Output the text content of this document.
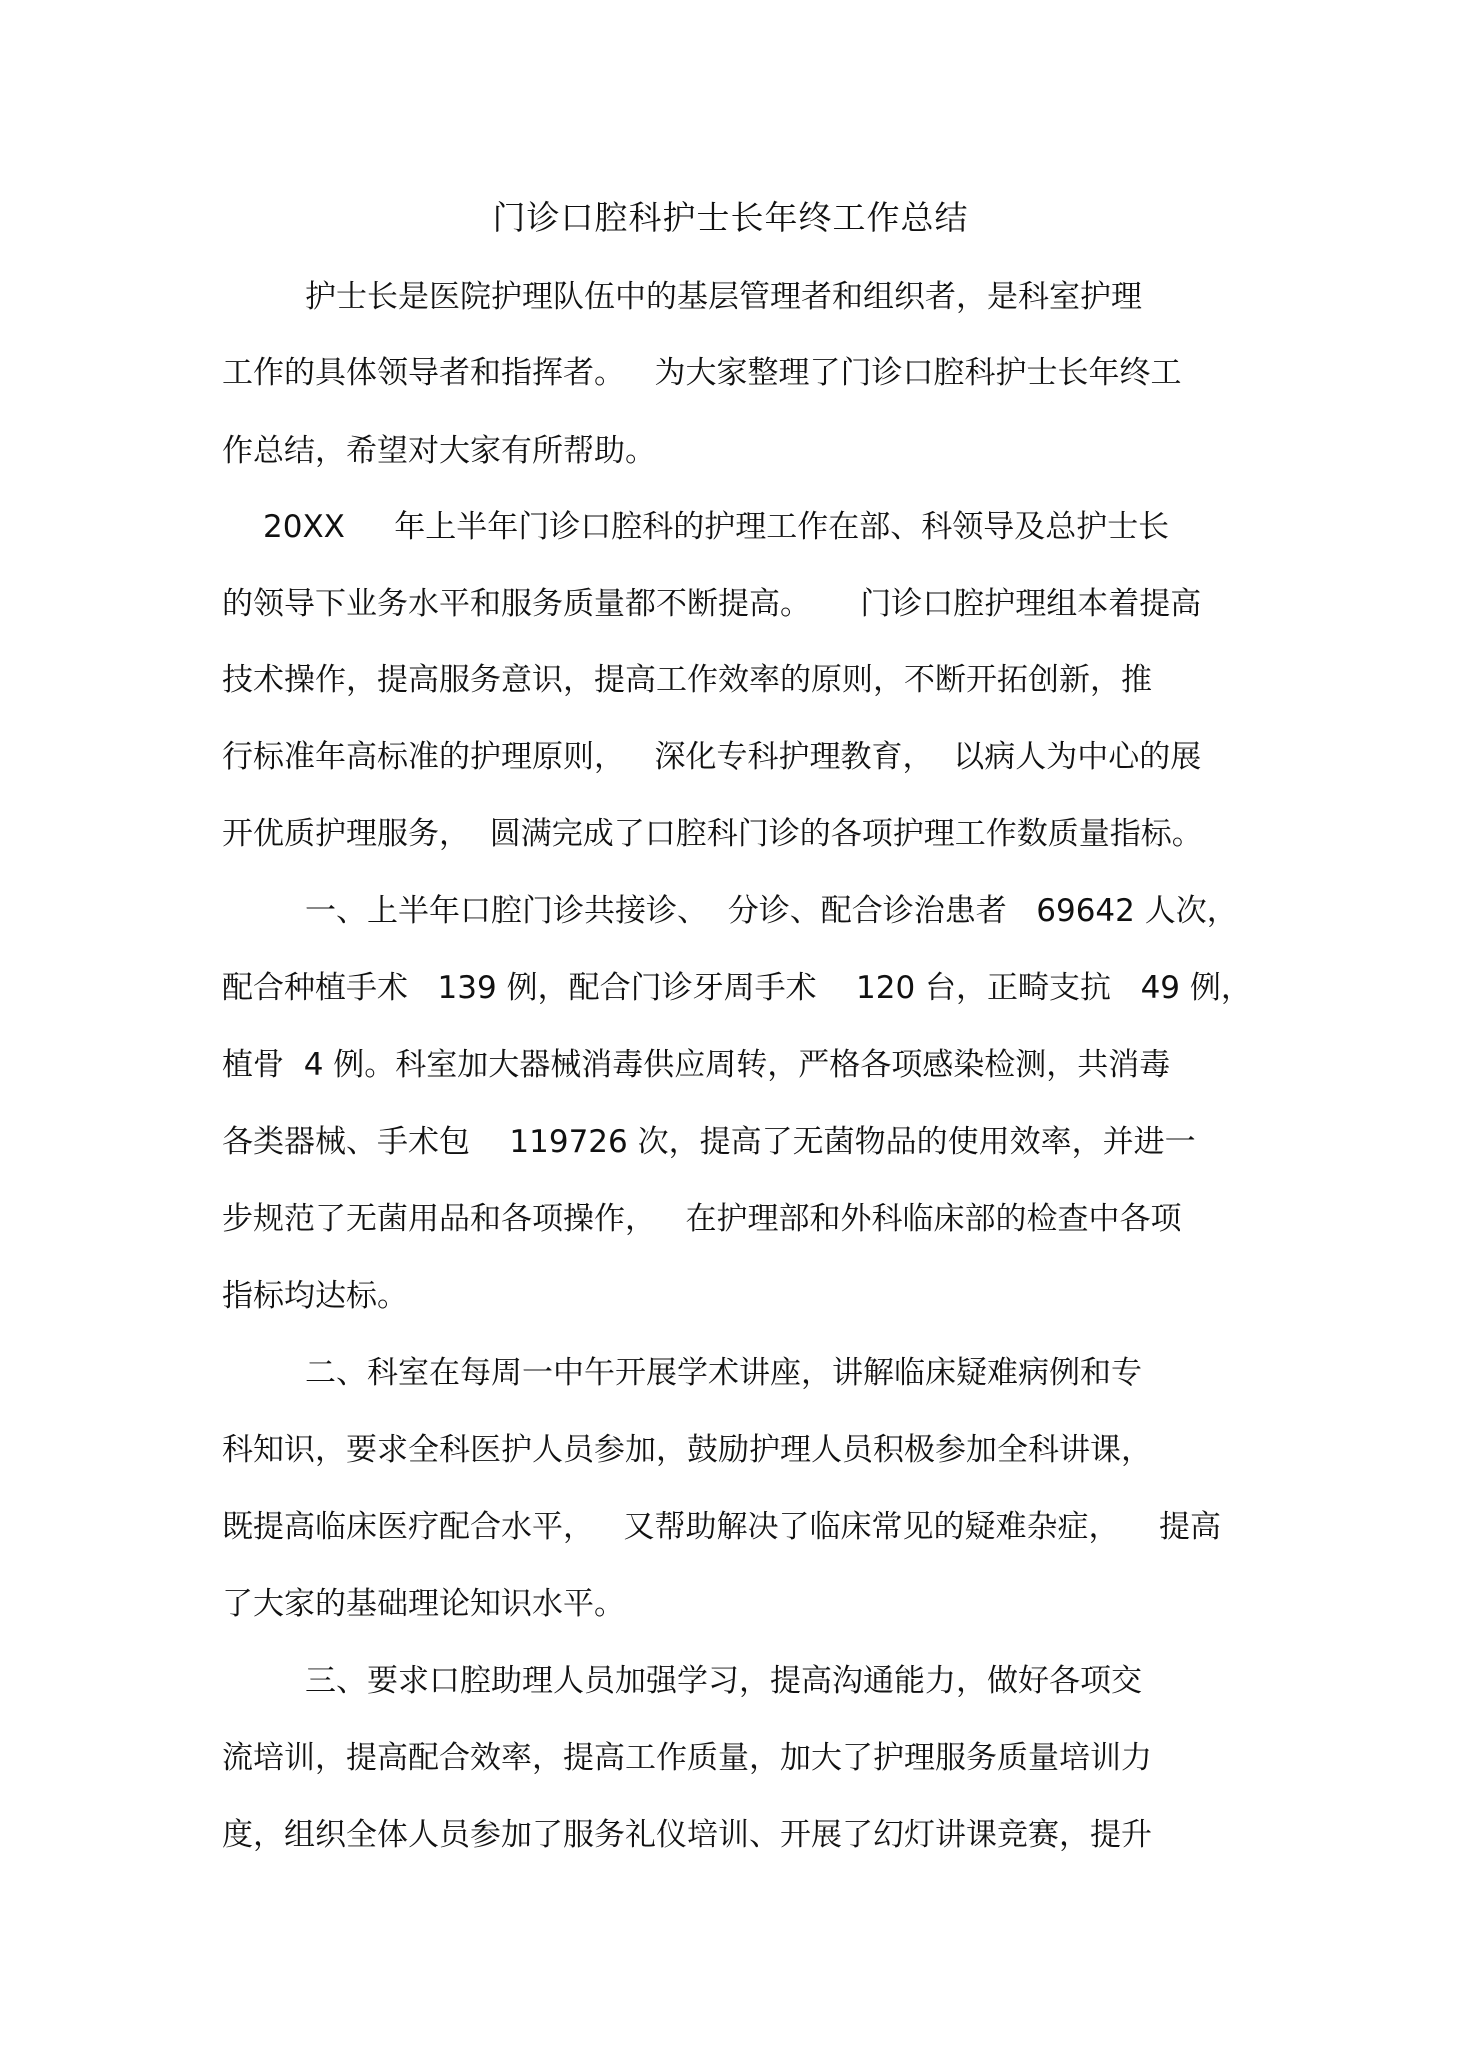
门诊口腔科护士长年终工作总结

护士长是医院护理队伍中的基层管理者和组织者，是科室护理

工作的具体领导者和指挥者。   为大家整理了门诊口腔科护士长年终工

作总结，希望对大家有所帮助。

20XX     年上半年门诊口腔科的护理工作在部、科领导及总护士长

的领导下业务水平和服务质量都不断提高。     门诊口腔护理组本着提高

技术操作，提高服务意识，提高工作效率的原则，不断开拓创新，推

行标准年高标准的护理原则，   深化专科护理教育，  以病人为中心的展

开优质护理服务，  圆满完成了口腔科门诊的各项护理工作数质量指标。

一、上半年口腔门诊共接诊、  分诊、配合诊治患者   69642 人次，

配合种植手术   139 例，配合门诊牙周手术    120 台，正畸支抗   49 例，

植骨  4 例。科室加大器械消毒供应周转，严格各项感染检测，共消毒

各类器械、手术包    119726 次，提高了无菌物品的使用效率，并进一

步规范了无菌用品和各项操作，   在护理部和外科临床部的检查中各项

指标均达标。

二、科室在每周一中午开展学术讲座，讲解临床疑难病例和专

科知识，要求全科医护人员参加，鼓励护理人员积极参加全科讲课，

既提高临床医疗配合水平，   又帮助解决了临床常见的疑难杂症，    提高

了大家的基础理论知识水平。

三、要求口腔助理人员加强学习，提高沟通能力，做好各项交

流培训，提高配合效率，提高工作质量，加大了护理服务质量培训力

度，组织全体人员参加了服务礼仪培训、开展了幻灯讲课竞赛，提升
